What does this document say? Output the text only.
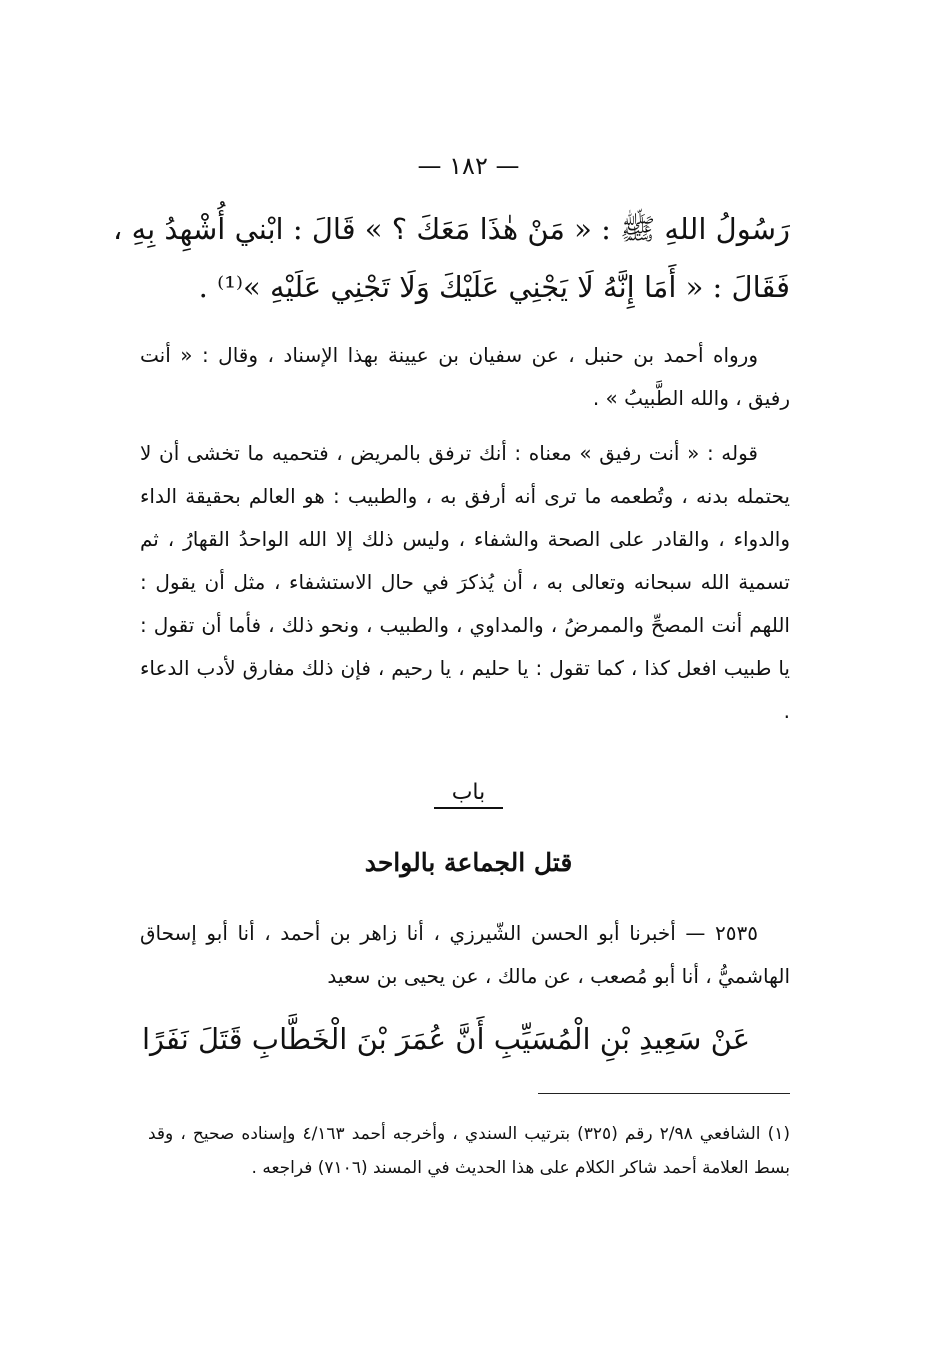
— ١٨٢ —
رَسُولُ اللهِ ﷺ : « مَنْ هٰذَا مَعَكَ ؟ » قَالَ : ابْني أُشْهِدُ بِهِ ،
فَقَالَ : « أَمَا إِنَّهُ لَا يَجْنِي عَلَيْكَ وَلَا تَجْنِي عَلَيْهِ »⁽¹⁾ .
ورواه أحمد بن حنبل ، عن سفيان بن عيينة بهذا الإسناد ، وقال : « أنت رفيق ، والله الطَّبيبُ » .
قوله : « أنت رفيق » معناه : أنك ترفق بالمريض ، فتحميه ما تخشى أن لا يحتمله بدنه ، وتُطعمه ما ترى أنه أرفق به ، والطبيب : هو العالم بحقيقة الداء والدواء ، والقادر على الصحة والشفاء ، وليس ذلك إلا الله الواحدُ القهارُ ، ثم تسمية الله سبحانه وتعالى به ، أن يُذكرَ في حال الاستشفاء ، مثل أن يقول : اللهم أنت المصحِّ والممرضُ ، والمداوي ، والطبيب ، ونحو ذلك ، فأما أن تقول : يا طبيب افعل كذا ، كما تقول : يا حليم ، يا رحيم ، فإن ذلك مفارق لأدب الدعاء .
باب
قتل الجماعة بالواحد
٢٥٣٥ — أخبرنا أبو الحسن الشّيرزي ، أنا زاهر بن أحمد ، أنا أبو إسحاق الهاشميُّ ، أنا أبو مُصعب ، عن مالك ، عن يحيى بن سعيد
عَنْ سَعِيدِ بْنِ الْمُسَيِّبِ أَنَّ عُمَرَ بْنَ الْخَطَّابِ قَتَلَ نَفَرًا
(١) الشافعي ٢/٩٨ رقم (٣٢٥) بترتيب السندي ، وأخرجه أحمد ٤/١٦٣ وإسناده صحيح ، وقد بسط العلامة أحمد شاكر الكلام على هذا الحديث في المسند (٧١٠٦) فراجعه .
